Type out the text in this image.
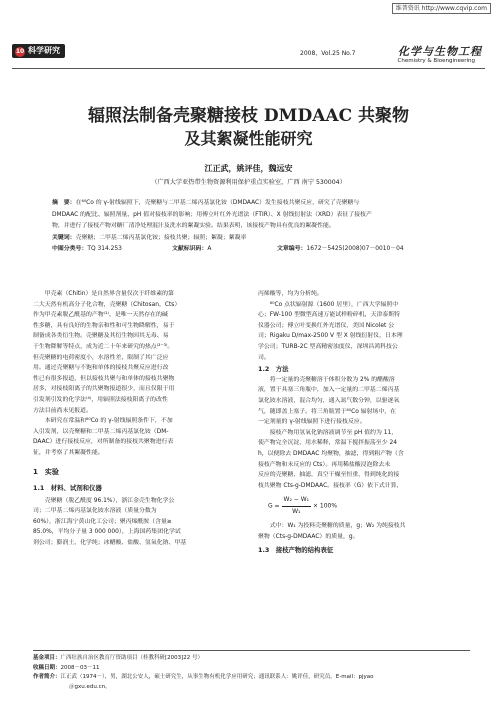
维普资讯 http://www.cqvip.com
10 科学研究	2008，Vol.25 No.7	化学与生物工程
Chemistry & Bioengineering
辐照法制备壳聚糖接枝 DMDAAC 共聚物
及其絮凝性能研究
江正武，姚评佳，魏远安
（广西大学亚热带生物资源利用保护重点实验室，广西 南宁 530004）
摘　要：在⁶⁰Co 的 γ-射线辐照下，壳聚糖与二甲基二烯丙基氯化铵（DMDAAC）发生接枝共聚反应，研究了壳聚糖与
DMDAAC 的配比、辐照剂量、pH 值对接枝率的影响；用傅立叶红外光谱法（FTIR）、X 射线衍射法（XRD）表征了接枝产
物，并进行了接枝产物对糖厂清净处理混汁及洗水的絮凝实验。结果表明，该接枝产物具有优良的絮凝性能。
关键词：壳聚糖；二甲基二烯丙基氯化铵；接枝共聚；辐照；絮凝；絮凝率
中图分类号：TQ 314.253	文献标识码：A	文章编号：1672－5425(2008)07－0010－04
　　甲壳素（Chitin）是自然界含量仅次于纤维素的第
二大天然有机高分子化合物，壳聚糖（Chitosan，Cts）
作为甲壳素脱乙酰基的产物⁽¹⁾，是唯一天然存在的碱
性多糖，具有良好的生物亲和性和可生物降解性，易于
制备成各类衍生物。壳聚糖及其衍生物因其无毒、易
于生物降解等特点，成为近二十年来研究的热点⁽²⁻³⁾。
但壳聚糖的电荷密度小，水溶性差，限制了其广泛应
用。通过壳聚糖与不饱和单体的接枝共聚反应进行改
性已有很多报道，但以接枝共聚与和单体的接枝共聚物
居多，对接枝阳离子的共聚物报道很少，而且仅限于用
引发剂引发的化学法⁽⁴⁾，用辐照法接枝阳离子的改性
方法目前尚未见报道。
　　本研究在常温和⁶⁰Co 的 γ-射线辐照条件下，不加
入引发剂，以壳聚糖和二甲基二烯丙基氯化铵（DM-
DAAC）进行接枝反应，对所制备的接枝共聚物进行表
征，并考察了其絮凝性能。
1　实验
1.1　材料、试剂和仪器
　　壳聚糖（脱乙酰度 96.1%），浙江金壳生物化学公
司；二甲基二烯丙基氯化铵水溶液（质量分数为
60%），浙江海宁黄山化工公司；聚丙烯酰胺（含量≥
85.0%，平均分子量 3 000 000），上海国药集团化学试
剂公司；膨润土，化学纯；冰醋酸、盐酸、氢氧化钠、甲基
丙烯酸等，均为分析纯。
　　⁶⁰Co 点状辐射源（1600 居里），广西大学辐照中
心；FW-100 型微型高速万能试样粉碎机，天津泰斯特
仪器公司；傅立叶变换红外光谱仪，美国 Nicolet 公
司；Rigaku D/max-2500 V 型 X 射线衍射仪，日本理
学公司；TURB-2C 型高精密浊度仪，深圳昌鸿科技公
司。
1.2　方法
　　将一定量的壳聚糖溶于体积分数为 2% 的醋酸溶
液，置于具塞三角瓶中，加入一定量的二甲基二烯丙基
氯化铵水溶液，混合均匀，通入氮气数分钟，以驱逐氧
气，随即盖上塞子。将三角瓶置于⁶⁰Co 辐射场中，在
一定剂量的 γ-射线辐照下进行接枝反应。
　　接枝产物用氢氧化钠溶液调节至 pH 值约为 11，
使产物完全沉淀，用水稀释，常温下搅拌振荡至少 24
h，以便除去 DMDAAC 均聚物，抽滤，得到粗产物（含
接枝产物和未反应的 Cts）。再用稀盐酸浸泡除去未
反应的壳聚糖，抽滤，真空干燥至恒重，得到纯化的接
枝共聚物 Cts-g-DMDAAC。接枝率（G）依下式计算，
$G = \frac{\text{W₂ − W₁}}{\text{W₁}} \times 100\%$
　　式中：W₁ 为投料壳聚糖的质量，g；W₂ 为纯接枝共
聚物（Cts-g-DMDAAC）的质量，g。
1.3　接枝产物的结构表征
基金项目：广西壮族自治区教育厅资助项目（桂教科研[2003]22 号）
收稿日期：2008－03－11
作者简介：江正武（1974－），男，湖北公安人，硕士研究生，从事生物有机化学应用研究；通讯联系人：姚评佳，研究员。E-mail：pjyao
＠gxu.edu.cn。
